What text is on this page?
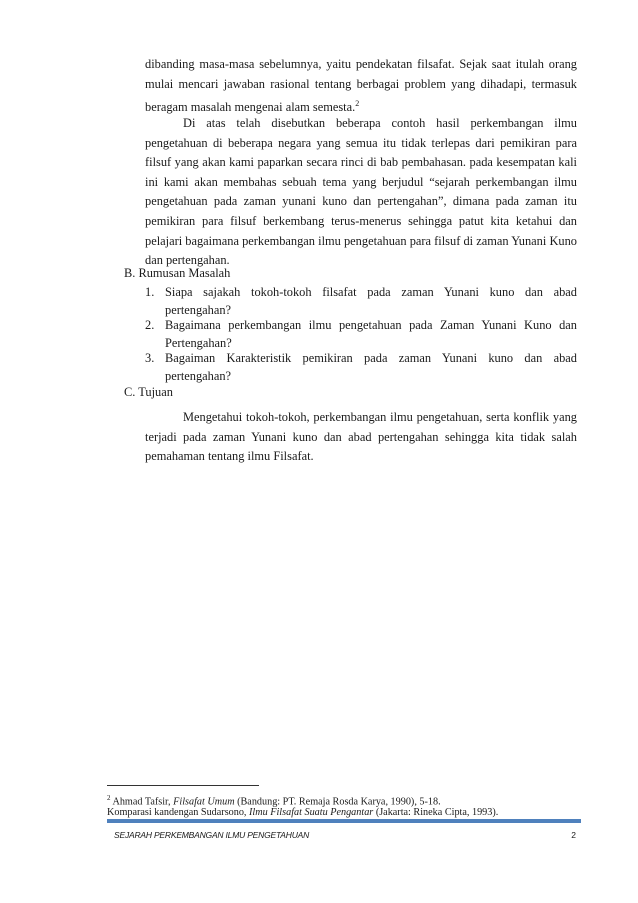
dibanding masa-masa sebelumnya, yaitu pendekatan filsafat. Sejak saat itulah orang mulai mencari jawaban rasional tentang berbagai problem yang dihadapi, termasuk beragam masalah mengenai alam semesta.$^2$
Di atas telah disebutkan beberapa contoh hasil perkembangan ilmu pengetahuan di beberapa negara yang semua itu tidak terlepas dari pemikiran para filsuf yang akan kami paparkan secara rinci di bab pembahasan. pada kesempatan kali ini kami akan membahas sebuah tema yang berjudul “sejarah perkembangan ilmu pengetahuan pada zaman yunani kuno dan pertengahan”, dimana pada zaman itu pemikiran para filsuf berkembang terus-menerus sehingga patut kita ketahui dan pelajari bagaimana perkembangan ilmu pengetahuan para filsuf di zaman Yunani Kuno dan pertengahan.
B. Rumusan Masalah
1. Siapa sajakah tokoh-tokoh filsafat pada zaman Yunani kuno dan abad pertengahan?
2. Bagaimana perkembangan ilmu pengetahuan pada Zaman Yunani Kuno dan Pertengahan?
3. Bagaiman Karakteristik pemikiran pada zaman Yunani kuno dan abad pertengahan?
C. Tujuan
Mengetahui tokoh-tokoh, perkembangan ilmu pengetahuan, serta konflik yang terjadi pada zaman Yunani kuno dan abad pertengahan sehingga kita tidak salah pemahaman tentang ilmu Filsafat.
$^2$ Ahmad Tafsir, Filsafat Umum (Bandung: PT. Remaja Rosda Karya, 1990), 5-18.
Komparasi kandengan Sudarsono, Ilmu Filsafat Suatu Pengantar (Jakarta: Rineka Cipta, 1993).
SEJARAH PERKEMBANGAN ILMU PENGETAHUAN	2
